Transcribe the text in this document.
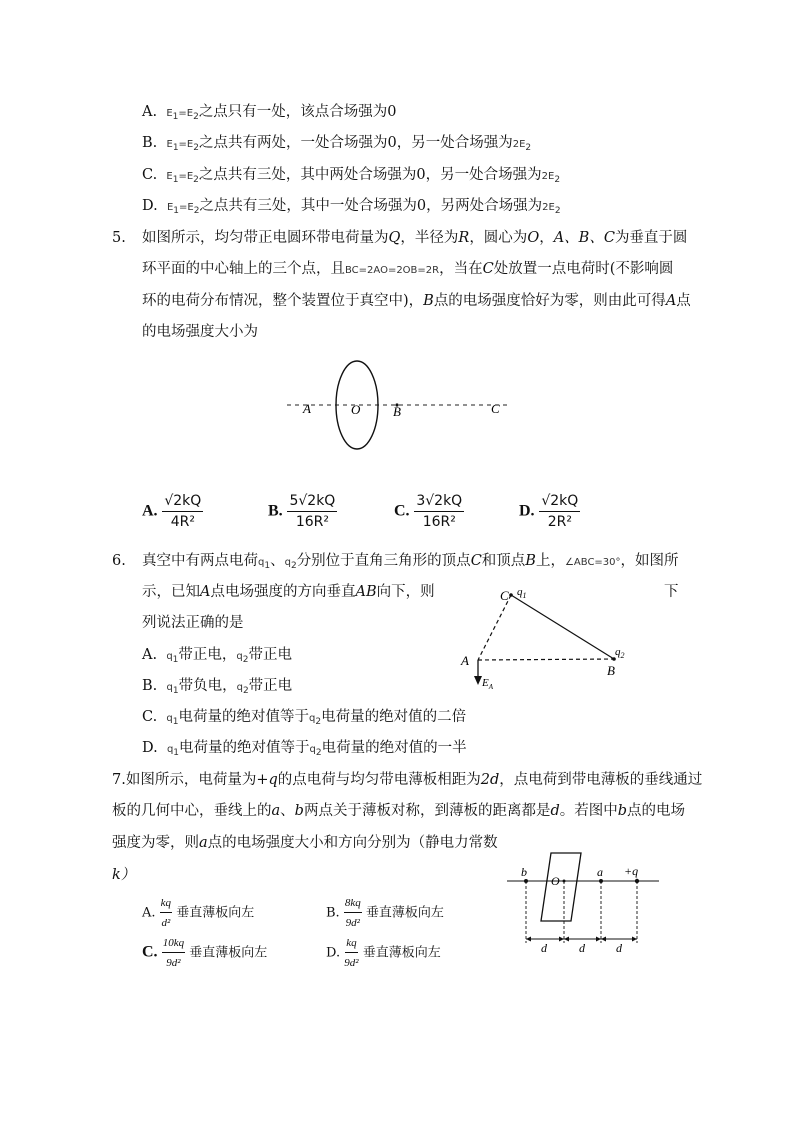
A. E1=E2之点只有一处，该点合场强为0
B. E1=E2之点共有两处，一处合场强为0，另一处合场强为2E2
C. E1=E2之点共有三处，其中两处合场强为0，另一处合场强为2E2
D. E1=E2之点共有三处，其中一处合场强为0，另两处合场强为2E2
5. 如图所示，均匀带正电圆环带电荷量为Q，半径为R，圆心为O，A、B、C为垂直于圆
环平面的中心轴上的三个点，且BC=2AO=2OB=2R，当在C处放置一点电荷时(不影响圆
环的电荷分布情况，整个装置位于真空中)，B点的电场强度恰好为零，则由此可得A点
的电场强度大小为
A	O	B	C
A. $\frac{√2kQ}{\text{4R²}}$	B. $\frac{5√2kQ}{\text{16R²}}$	C. $\frac{3√2kQ}{\text{16R²}}$	D. $\frac{√2kQ}{\text{2R²}}$
6. 真空中有两点电荷q1、q2分别位于直角三角形的顶点C和顶点B上，∠ABC=30°，如图所
示，已知A点电场强度的方向垂直AB向下，则	下
列说法正确的是
C $q_1$
A
$q_2$
B
$E_A$
A. q1带正电，q2带正电
B. q1带负电，q2带正电
C. q1电荷量的绝对值等于q2电荷量的绝对值的二倍
D. q1电荷量的绝对值等于q2电荷量的绝对值的一半
7.如图所示，电荷量为+q的点电荷与均匀带电薄板相距为2d，点电荷到带电薄板的垂线通过
板的几何中心，垂线上的a、b两点关于薄板对称，到薄板的距离都是d。若图中b点的电场
强度为零，则a点的电场强度大小和方向分别为（静电力常数
k）
A. $\frac{kq}{\text{d²}}$ 垂直薄板向左	B. $\frac{8kq}{\text{9d²}}$ 垂直薄板向左
C. $\frac{10kq}{\text{9d²}}$ 垂直薄板向左	D. $\frac{kq}{\text{9d²}}$ 垂直薄板向左
b
O
a +q
d	d	d
